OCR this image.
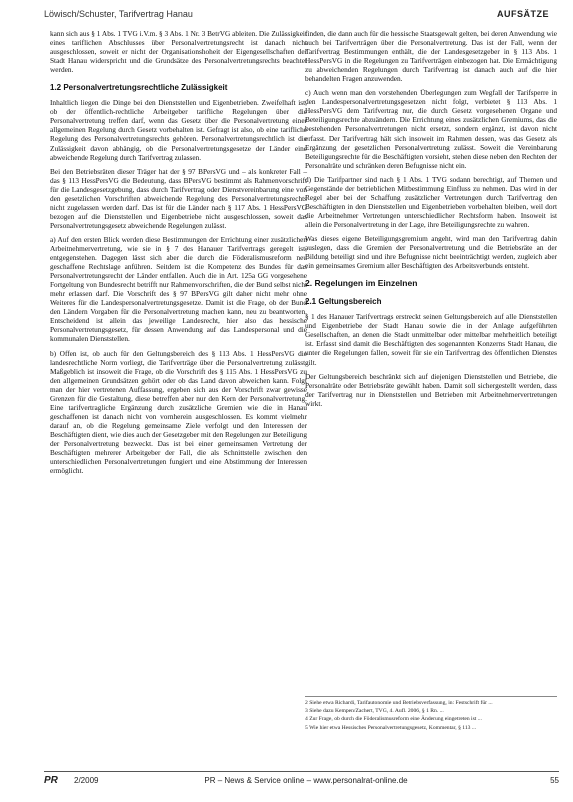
Löwisch/Schuster, Tarifvertrag Hanau	AUFSÄTZE

kann sich aus § 1 Abs. 1 TVG i.V.m. § 3 Abs. 1 Nr. 3 BetrVG ableiten. Die Zulässigkeit eines tariflichen Abschlusses über Personalvertretungsrecht ist danach nicht ausgeschlossen, soweit er nicht der Organisationshoheit der Eigengesellschaften der Stadt Hanau widerspricht und die Grundsätze des Personalvertretungsrechts beachtet werden.

1.2 Personalvertretungsrechtliche Zulässigkeit

Inhaltlich liegen die Dinge bei den Dienststellen und Eigenbetrieben. Zweifelhaft ist, ob der öffentlich-rechtliche Arbeitgeber tarifliche Regelungen über die Personalvertretung treffen darf, wenn das Gesetz über die Personalvertretung einer allgemeinen Regelung durch Gesetz vorbehalten ist. Gefragt ist also, ob eine tarifliche Regelung des Personalvertretungsrechts gehören. Personalvertretungsrechtlich ist die Zulässigkeit davon abhängig, ob die Personalvertretungsgesetze der Länder eine abweichende Regelung durch Tarifvertrag zulassen.

Bei den Betriebsräten dieser Träger hat der § 97 BPersVG und – als konkreter Fall – das § 113 HessPersVG die Bedeutung, dass BPersVG bestimmt als Rahmenvorschrift für die Landesgesetzgebung, dass durch Tarifvertrag oder Dienstvereinbarung eine von den gesetzlichen Vorschriften abweichende Regelung des Personalvertretungsrechts nicht zugelassen werden darf. Das ist für die Länder nach § 117 Abs. 1 HessPersVG bezogen auf die Dienststellen und Eigenbetriebe nicht ausgeschlossen, soweit das Personalvertretungsgesetz abweichende Regelungen zulässt.

a) Auf den ersten Blick werden diese Bestimmungen der Errichtung einer zusätzlichen Arbeitnehmervertretung, wie sie in § 7 des Hanauer Tarifvertrags geregelt ist, entgegenstehen. Dagegen lässt sich aber die durch die Föderalismusreform neu geschaffene Rechtslage anführen. Seitdem ist die Kompetenz des Bundes für das Personalvertretungsrecht der Länder entfallen. Auch die in Art. 125a GG vorgesehene Fortgeltung von Bundesrecht betrifft nur Rahmenvorschriften, die der Bund selbst nicht mehr erlassen darf. Die Vorschrift des § 97 BPersVG gilt daher nicht mehr ohne Weiteres für die Landespersonalvertretungsgesetze. Damit ist die Frage, ob der Bund den Ländern Vorgaben für die Personalvertretung machen kann, neu zu beantworten. Entscheidend ist allein das jeweilige Landesrecht, hier also das hessische Personalvertretungsgesetz, für dessen Anwendung auf das Landespersonal und die kommunalen Dienststellen.

b) Offen ist, ob auch für den Geltungsbereich des § 113 Abs. 1 HessPersVG die landesrechtliche Norm vorliegt, die Tarifverträge über die Personalvertretung zulässt. Maßgeblich ist insoweit die Frage, ob die Vorschrift des § 115 Abs. 1 HessPersVG zu den allgemeinen Grundsätzen gehört oder ob das Land davon abweichen kann. Folgt man der hier vertretenen Auffassung, ergeben sich aus der Vorschrift zwar gewisse Grenzen für die Gestaltung, diese betreffen aber nur den Kern der Personalvertretung. Eine tarifvertragliche Ergänzung durch zusätzliche Gremien wie die in Hanau geschaffenen ist danach nicht von vornherein ausgeschlossen. Es kommt vielmehr darauf an, ob die Regelung gemeinsame Ziele verfolgt und den Interessen der Beschäftigten dient, wie dies auch der Gesetzgeber mit den Regelungen zur Beteiligung der Personalvertretung bezweckt. Das ist bei einer gemeinsamen Vertretung der Beschäftigten mehrerer Arbeitgeber der Fall, die als Schnittstelle zwischen den unterschiedlichen Personalvertretungen fungiert und eine Abstimmung der Interessen ermöglicht.

finden, die dann auch für die hessische Staatsgewalt gelten, bei deren Anwendung wie auch bei Tarifverträgen über die Personalvertretung. Das ist der Fall, wenn der Tarifvertrag Bestimmungen enthält, die der Landesgesetzgeber in § 113 Abs. 1 HessPersVG in die Regelungen zu Tarifverträgen einbezogen hat. Die Ermächtigung zu abweichenden Regelungen durch Tarifvertrag ist danach auch auf die hier behandelten Fragen anzuwenden.

c) Auch wenn man den vorstehenden Überlegungen zum Wegfall der Tarifsperre in den Landespersonalvertretungsgesetzen nicht folgt, verbietet § 113 Abs. 1 HessPersVG dem Tarifvertrag nur, die durch Gesetz vorgesehenen Organe und Beteiligungsrechte abzuändern. Die Errichtung eines zusätzlichen Gremiums, das die bestehenden Personalvertretungen nicht ersetzt, sondern ergänzt, ist davon nicht erfasst. Der Tarifvertrag hält sich insoweit im Rahmen dessen, was das Gesetz als Ergänzung der gesetzlichen Personalvertretung zulässt. Soweit die Vereinbarung Beteiligungsrechte für die Beschäftigten vorsieht, stehen diese neben den Rechten der Personalräte und schränken deren Befugnisse nicht ein.

d) Die Tarifpartner sind nach § 1 Abs. 1 TVG sodann berechtigt, auf Themen und Gegenstände der betrieblichen Mitbestimmung Einfluss zu nehmen. Das wird in der Regel aber bei der Schaffung zusätzlicher Vertretungen durch Tarifvertrag den Beschäftigten in den Dienststellen und Eigenbetrieben vorbehalten bleiben, weil dort die Arbeitnehmer Vertretungen unterschiedlicher Rechtsform haben. Insoweit ist allein die Personalvertretung in der Lage, ihre Beteiligungsrechte zu wahren.

Was dieses eigene Beteiligungsgremium angeht, wird man den Tarifvertrag dahin auslegen, dass die Gremien der Personalvertretung und die Betriebsräte an der Bildung beteiligt sind und ihre Befugnisse nicht beeinträchtigt werden, zugleich aber ein gemeinsames Gremium aller Beschäftigten des Arbeitsverbunds entsteht.

2. Regelungen im Einzelnen
2.1 Geltungsbereich

§ 1 des Hanauer Tarifvertrags erstreckt seinen Geltungsbereich auf alle Dienststellen und Eigenbetriebe der Stadt Hanau sowie die in der Anlage aufgeführten Gesellschaften, an denen die Stadt unmittelbar oder mittelbar mehrheitlich beteiligt ist. Erfasst sind damit die Beschäftigten des sogenannten Konzerns Stadt Hanau, die unter die Regelungen fallen, soweit für sie ein Tarifvertrag des öffentlichen Dienstes gilt.

Der Geltungsbereich beschränkt sich auf diejenigen Dienststellen und Betriebe, die Personalräte oder Betriebsräte gewählt haben. Damit soll sichergestellt werden, dass der Tarifvertrag nur in Dienststellen und Betrieben mit Arbeitnehmervertretungen wirkt.

2 Siehe etwa Richardi, Tarifautonomie und Betriebsverfassung, in: Festschrift für ...
3 Siehe dazu Kempen/Zachert, TVG, 4. Aufl. 2006, § 1 Rn. ...
4 Zur Frage, ob durch die Föderalismusreform eine Änderung eingetreten ist ...
5 Wie hier etwa Hessisches Personalvertretungsgesetz, Kommentar, § 113 ...
PR 2/2009	PR – News & Service online – www.personalrat-online.de	55
